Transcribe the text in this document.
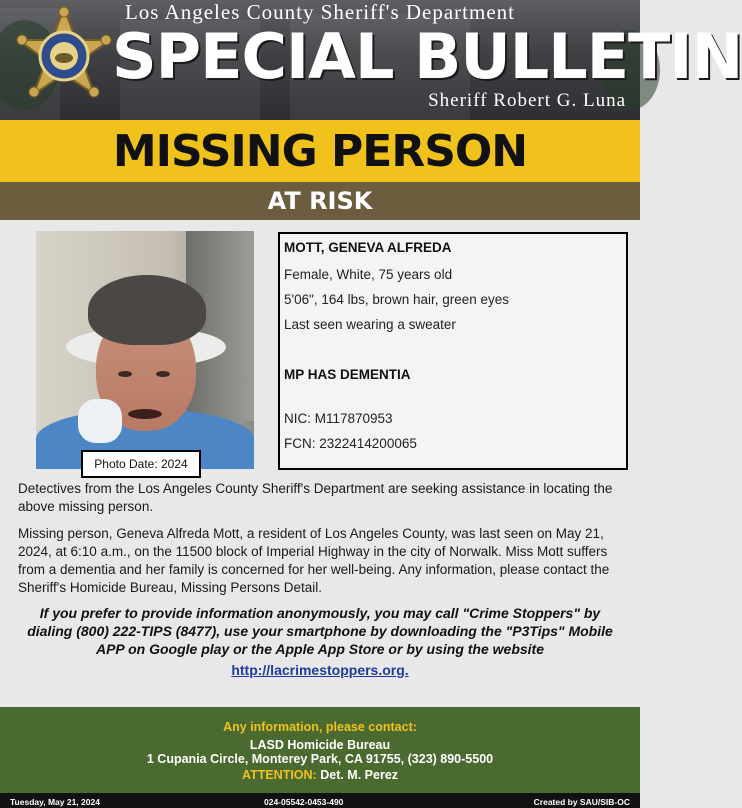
Los Angeles County Sheriff's Department
SPECIAL BULLETIN
Sheriff Robert G. Luna
MISSING PERSON
AT RISK
Photo Date: 2024
MOTT, GENEVA ALFREDA
Female, White, 75 years old
5'06", 164 lbs, brown hair, green eyes
Last seen wearing a sweater
MP HAS DEMENTIA
NIC: M117870953
FCN: 2322414200065
Detectives from the Los Angeles County Sheriff's Department are seeking assistance in locating the above missing person.
Missing person, Geneva Alfreda Mott, a resident of Los Angeles County, was last seen on May 21, 2024, at 6:10 a.m., on the 11500 block of Imperial Highway in the city of Norwalk. Miss Mott suffers from a dementia and her family is concerned for her well-being. Any information, please contact the Sheriff's Homicide Bureau, Missing Persons Detail.
If you prefer to provide information anonymously, you may call "Crime Stoppers" by dialing (800) 222-TIPS (8477), use your smartphone by downloading the "P3Tips" Mobile APP on Google play or the Apple App Store or by using the website
http://lacrimestoppers.org.
Any information, please contact:
LASD Homicide Bureau
1 Cupania Circle, Monterey Park, CA 91755, (323) 890-5500
ATTENTION: Det. M. Perez
Tuesday, May 21, 2024	024-05542-0453-490	Created by SAU/SIB-OC
